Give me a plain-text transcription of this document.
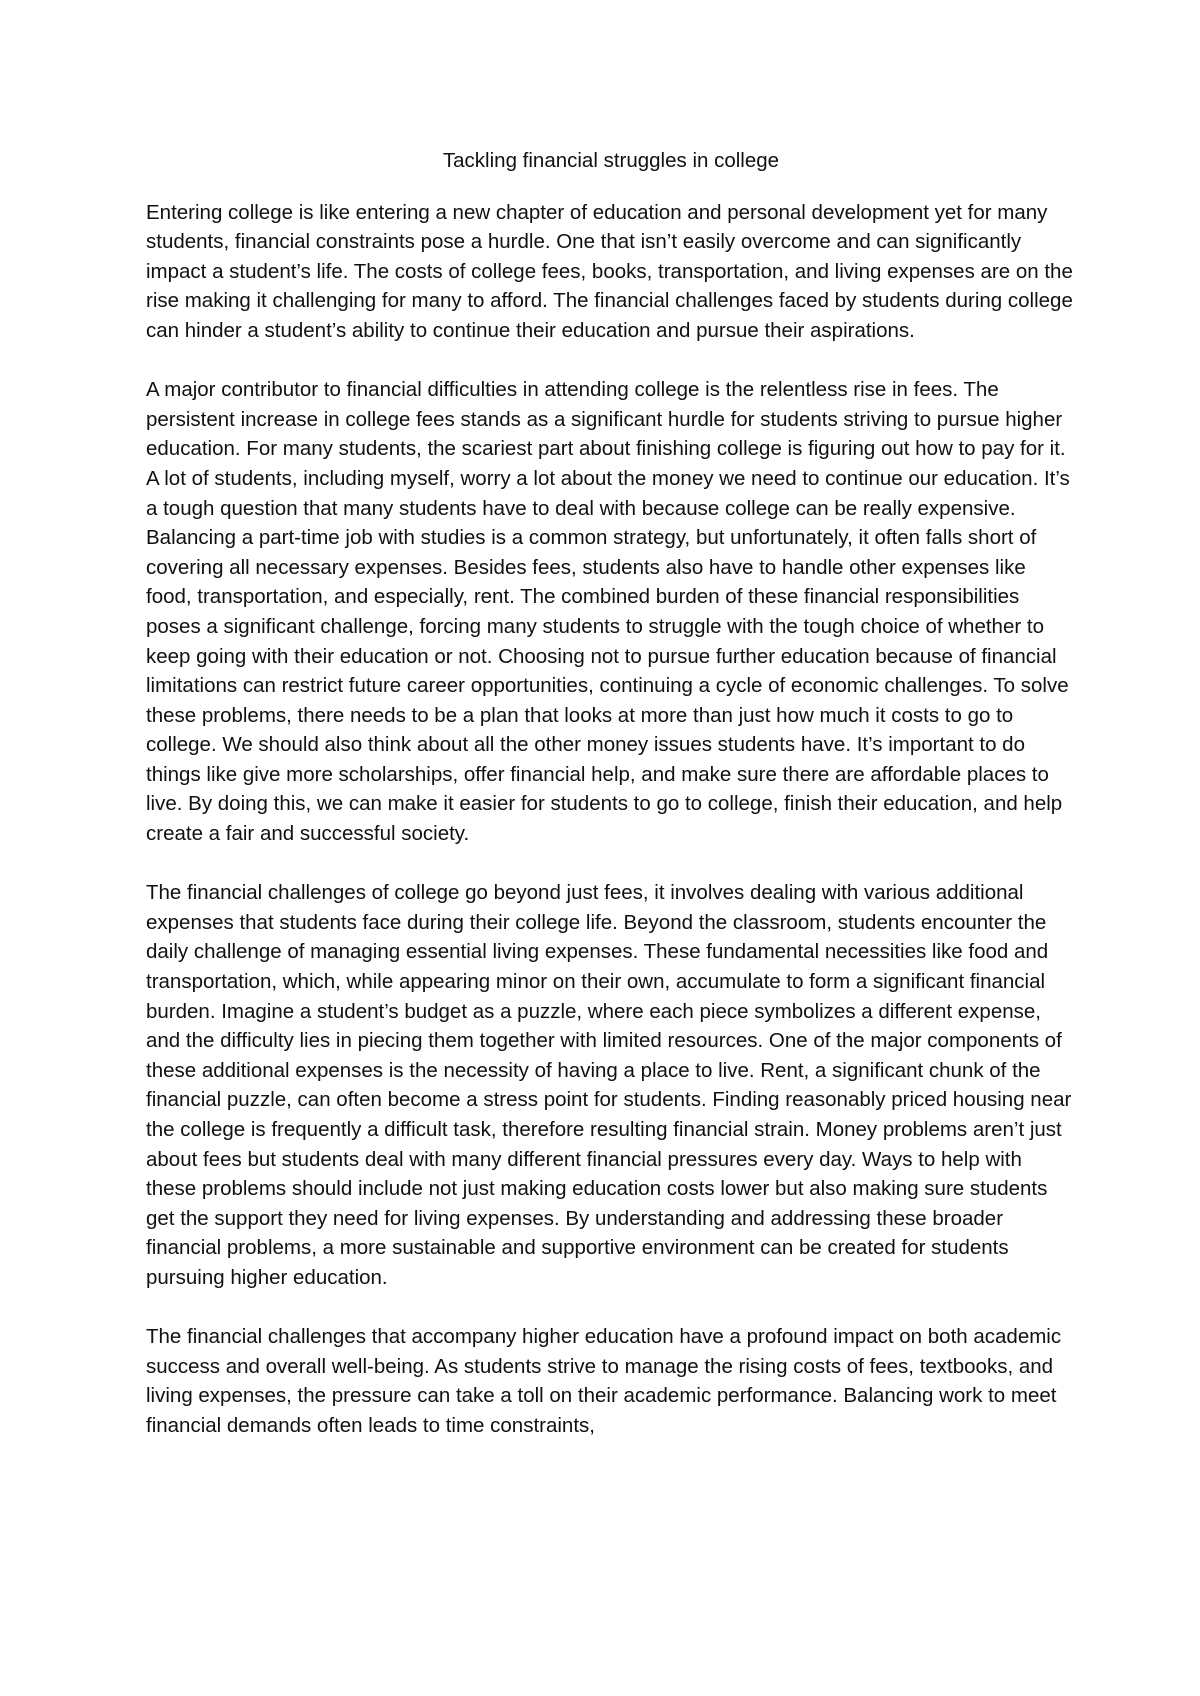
Tackling financial struggles in college

Entering college is like entering a new chapter of education and personal development yet for many students, financial constraints pose a hurdle. One that isn’t easily overcome and can significantly impact a student’s life. The costs of college fees, books, transportation, and living expenses are on the rise making it challenging for many to afford. The financial challenges faced by students during college can hinder a student’s ability to continue their education and pursue their aspirations.

A major contributor to financial difficulties in attending college is the relentless rise in fees. The persistent increase in college fees stands as a significant hurdle for students striving to pursue higher education. For many students, the scariest part about finishing college is figuring out how to pay for it. A lot of students, including myself, worry a lot about the money we need to continue our education. It’s a tough question that many students have to deal with because college can be really expensive. Balancing a part-time job with studies is a common strategy, but unfortunately, it often falls short of covering all necessary expenses. Besides fees, students also have to handle other expenses like food, transportation, and especially, rent. The combined burden of these financial responsibilities poses a significant challenge, forcing many students to struggle with the tough choice of whether to keep going with their education or not. Choosing not to pursue further education because of financial limitations can restrict future career opportunities, continuing a cycle of economic challenges. To solve these problems, there needs to be a plan that looks at more than just how much it costs to go to college. We should also think about all the other money issues students have. It’s important to do things like give more scholarships, offer financial help, and make sure there are affordable places to live. By doing this, we can make it easier for students to go to college, finish their education, and help create a fair and successful society.

The financial challenges of college go beyond just fees, it involves dealing with various additional expenses that students face during their college life. Beyond the classroom, students encounter the daily challenge of managing essential living expenses. These fundamental necessities like food and transportation, which, while appearing minor on their own, accumulate to form a significant financial burden. Imagine a student’s budget as a puzzle, where each piece symbolizes a different expense, and the difficulty lies in piecing them together with limited resources. One of the major components of these additional expenses is the necessity of having a place to live. Rent, a significant chunk of the financial puzzle, can often become a stress point for students. Finding reasonably priced housing near the college is frequently a difficult task, therefore resulting financial strain. Money problems aren’t just about fees but students deal with many different financial pressures every day. Ways to help with these problems should include not just making education costs lower but also making sure students get the support they need for living expenses. By understanding and addressing these broader financial problems, a more sustainable and supportive environment can be created for students pursuing higher education.

The financial challenges that accompany higher education have a profound impact on both academic success and overall well-being. As students strive to manage the rising costs of fees, textbooks, and living expenses, the pressure can take a toll on their academic performance. Balancing work to meet financial demands often leads to time constraints,
